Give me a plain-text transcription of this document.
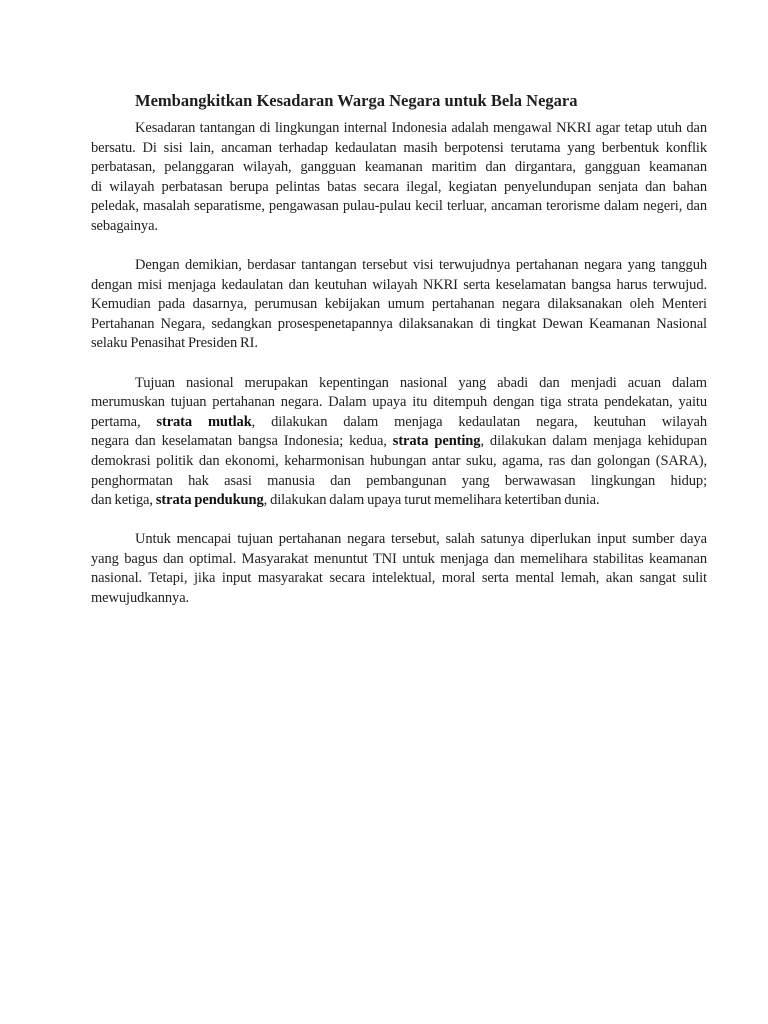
Membangkitkan Kesadaran Warga Negara untuk Bela Negara
Kesadaran tantangan di lingkungan internal Indonesia adalah mengawal NKRI agar tetap utuh dan
bersatu. Di sisi lain, ancaman terhadap kedaulatan masih berpotensi terutama yang berbentuk konflik
perbatasan, pelanggaran wilayah, gangguan keamanan maritim dan dirgantara, gangguan keamanan
di wilayah perbatasan berupa pelintas batas secara ilegal, kegiatan penyelundupan senjata dan bahan
peledak, masalah separatisme, pengawasan pulau-pulau kecil terluar, ancaman terorisme dalam negeri, dan
sebagainya.
Dengan demikian, berdasar tantangan tersebut visi terwujudnya pertahanan negara yang tangguh
dengan misi menjaga kedaulatan dan keutuhan wilayah NKRI serta keselamatan bangsa harus terwujud.
Kemudian pada dasarnya, perumusan kebijakan umum pertahanan negara dilaksanakan oleh Menteri
Pertahanan Negara, sedangkan prosespenetapannya dilaksanakan di tingkat Dewan Keamanan Nasional
selaku Penasihat Presiden RI.
Tujuan nasional merupakan kepentingan nasional yang abadi dan menjadi acuan dalam
merumuskan tujuan pertahanan negara. Dalam upaya itu ditempuh dengan tiga strata pendekatan, yaitu
pertama, strata mutlak, dilakukan dalam menjaga kedaulatan negara, keutuhan wilayah
negara dan keselamatan bangsa Indonesia; kedua, strata penting, dilakukan dalam menjaga kehidupan
demokrasi politik dan ekonomi, keharmonisan hubungan antar suku, agama, ras dan golongan (SARA),
penghormatan hak asasi manusia dan pembangunan yang berwawasan lingkungan hidup;
dan ketiga, strata pendukung, dilakukan dalam upaya turut memelihara ketertiban dunia.
Untuk mencapai tujuan pertahanan negara tersebut, salah satunya diperlukan input sumber daya
yang bagus dan optimal. Masyarakat menuntut TNI untuk menjaga dan memelihara stabilitas keamanan
nasional. Tetapi, jika input masyarakat secara intelektual, moral serta mental lemah, akan sangat sulit
mewujudkannya.
